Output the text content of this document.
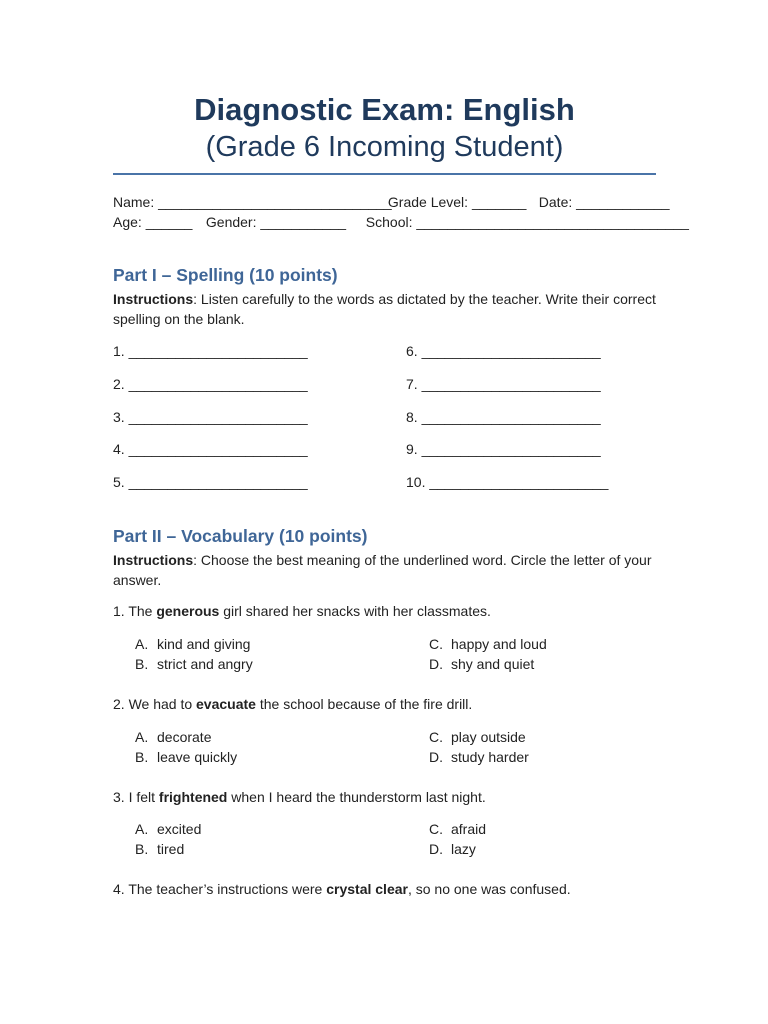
Diagnostic Exam: English
(Grade 6 Incoming Student)
Name: ______________________________ Grade Level: _______ Date: ____________
Age: ______ Gender: ___________ School: ___________________________________
Part I – Spelling (10 points)

Instructions: Listen carefully to the words as dictated by the teacher. Write their correct spelling on the blank.

1. _______________________
2. _______________________
3. _______________________
4. _______________________
5. _______________________
6. _______________________
7. _______________________
8. _______________________
9. _______________________
10. _______________________
Part II – Vocabulary (10 points)

Instructions: Choose the best meaning of the underlined word. Circle the letter of your answer.

1. The generous girl shared her snacks with her classmates.
A. kind and giving
B. strict and angry
C. happy and loud
D. shy and quiet
2. We had to evacuate the school because of the fire drill.
A. decorate
B. leave quickly
C. play outside
D. study harder
3. I felt frightened when I heard the thunderstorm last night.
A. excited
B. tired
C. afraid
D. lazy
4. The teacher’s instructions were crystal clear, so no one was confused.
